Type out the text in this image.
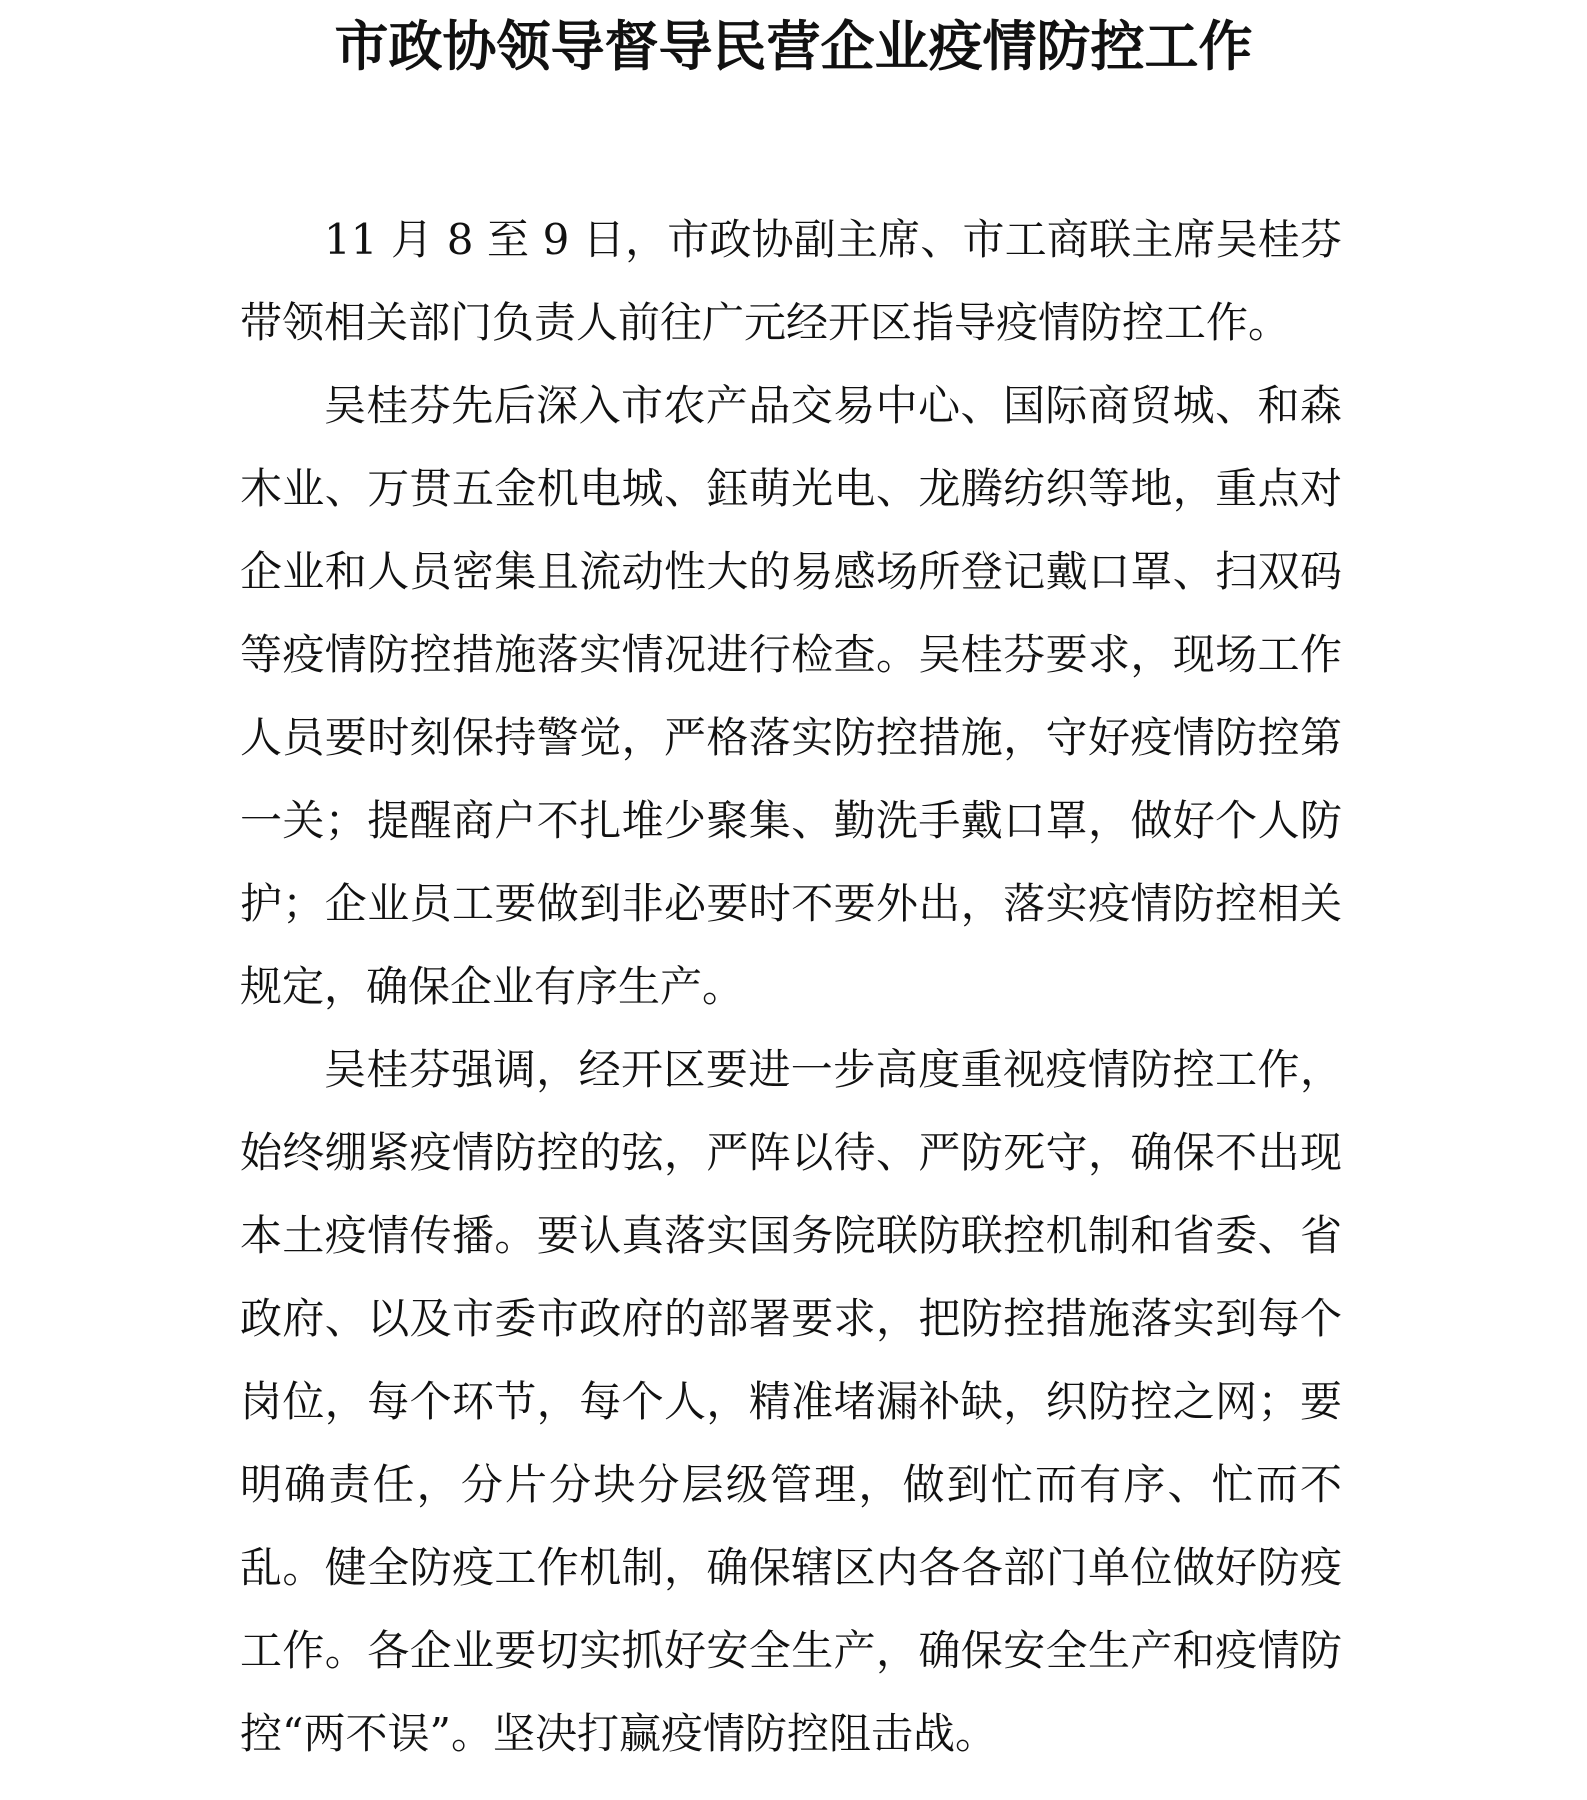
市政协领导督导民营企业疫情防控工作

11 月 8 至 9 日，市政协副主席、市工商联主席吴桂芬带领相关部门负责人前往广元经开区指导疫情防控工作。

吴桂芬先后深入市农产品交易中心、国际商贸城、和森木业、万贯五金机电城、鈺萌光电、龙腾纺织等地，重点对企业和人员密集且流动性大的易感场所登记戴口罩、扫双码等疫情防控措施落实情况进行检查。吴桂芬要求，现场工作人员要时刻保持警觉，严格落实防控措施，守好疫情防控第一关；提醒商户不扎堆少聚集、勤洗手戴口罩，做好个人防护；企业员工要做到非必要时不要外出，落实疫情防控相关规定，确保企业有序生产。

吴桂芬强调，经开区要进一步高度重视疫情防控工作，始终绷紧疫情防控的弦，严阵以待、严防死守，确保不出现本土疫情传播。要认真落实国务院联防联控机制和省委、省政府、以及市委市政府的部署要求，把防控措施落实到每个岗位，每个环节，每个人，精准堵漏补缺，织防控之网；要明确责任，分片分块分层级管理，做到忙而有序、忙而不乱。健全防疫工作机制，确保辖区内各各部门单位做好防疫工作。各企业要切实抓好安全生产，确保安全生产和疫情防控“两不误”。坚决打赢疫情防控阻击战。
